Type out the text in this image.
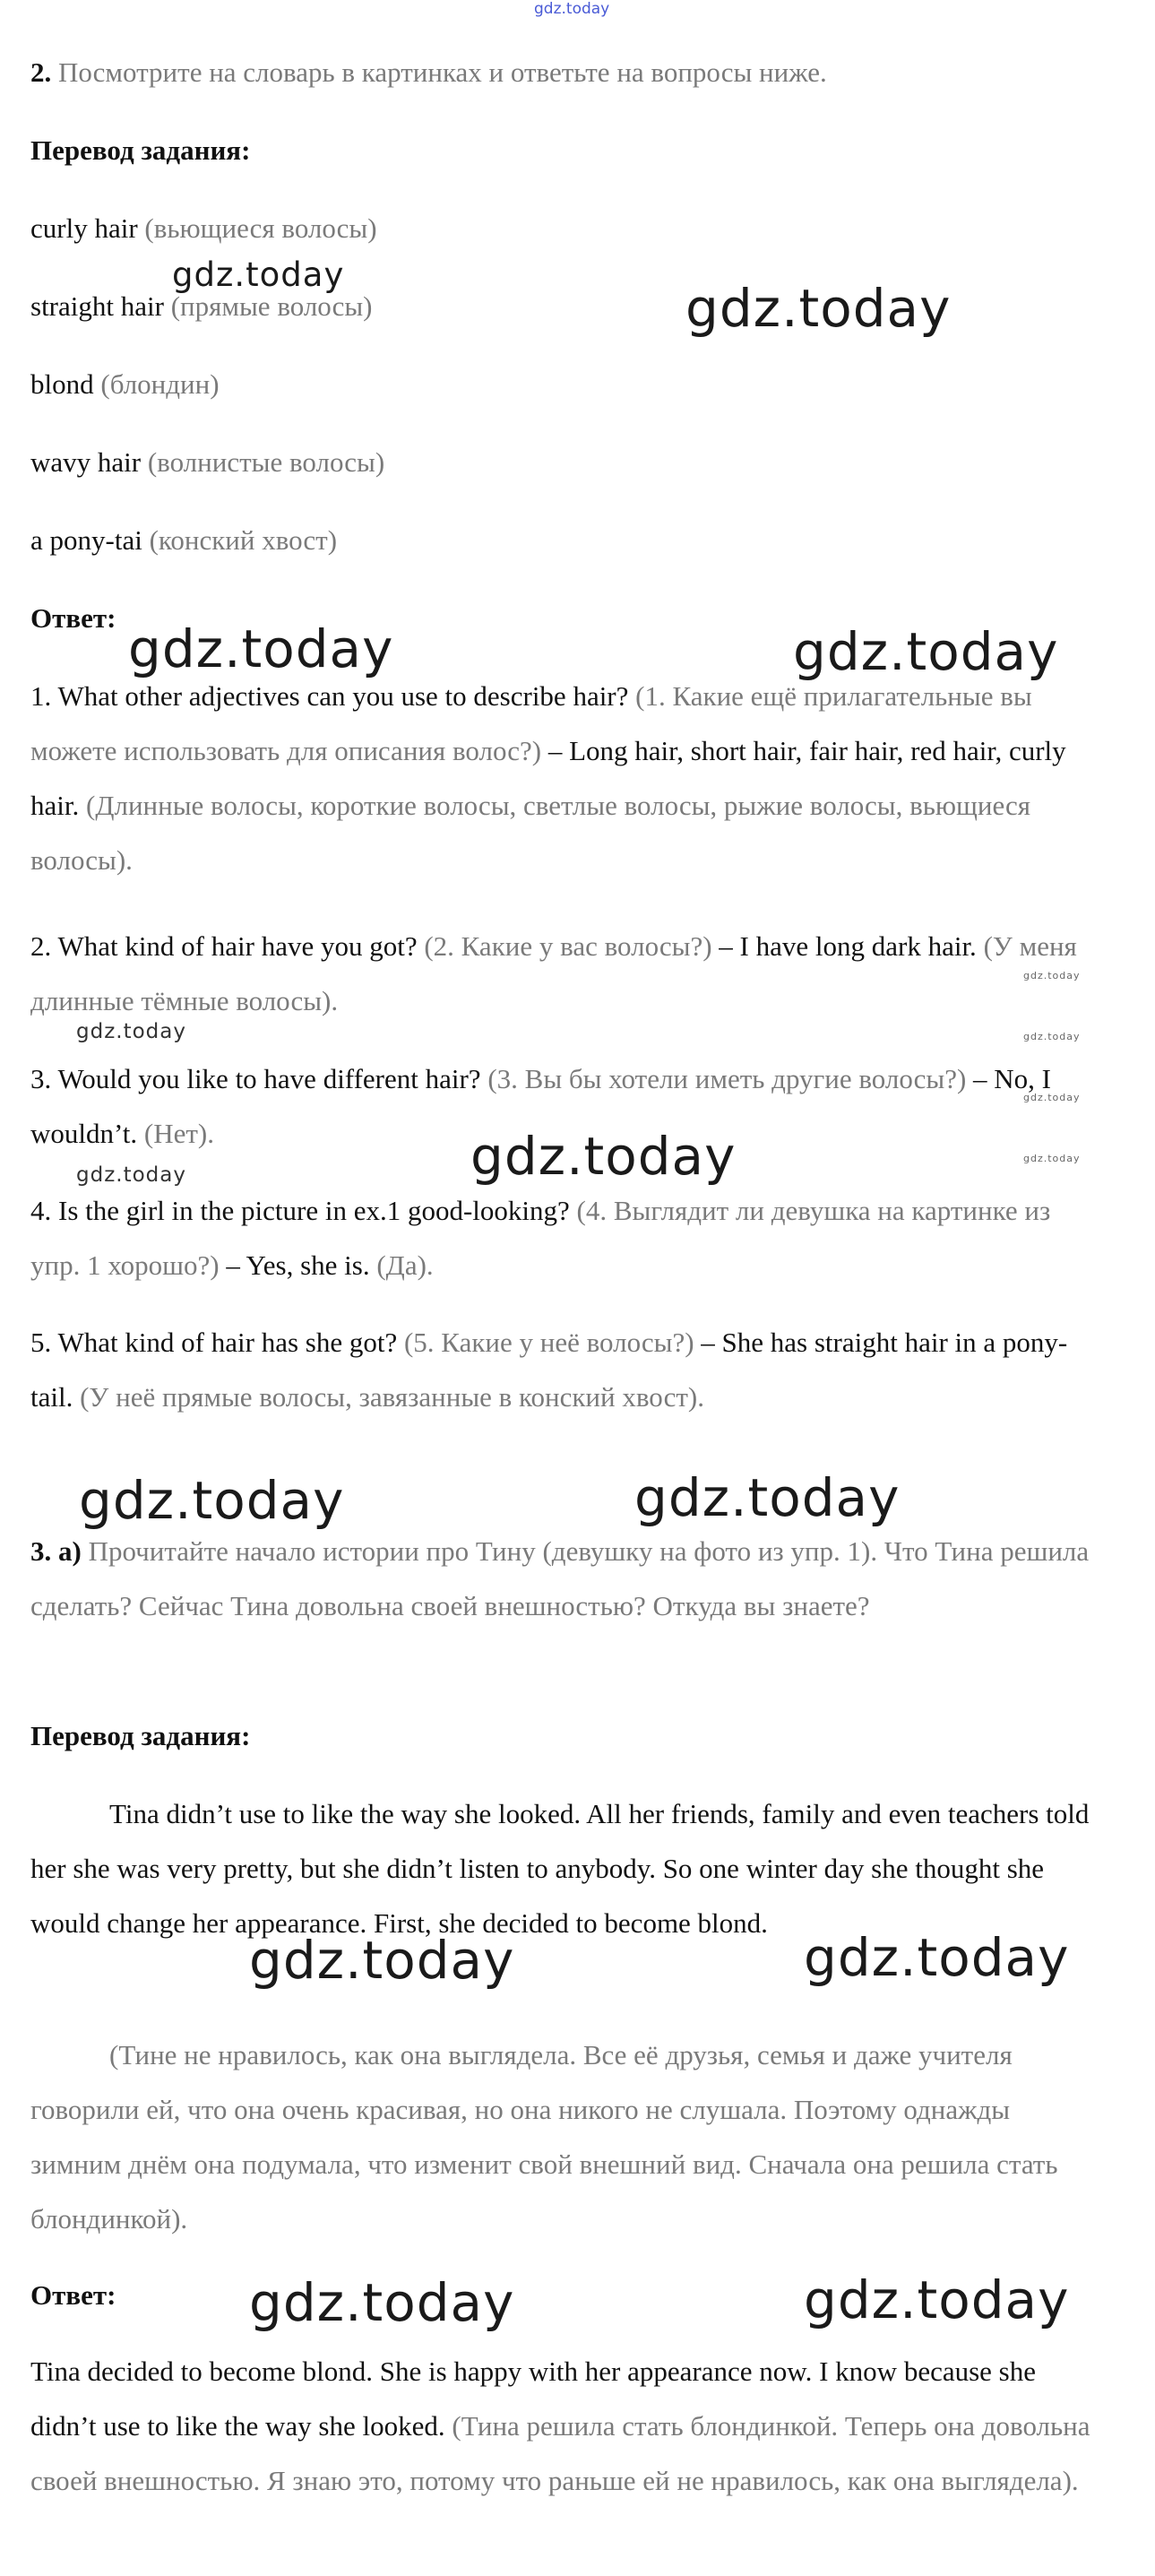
gdz.today

2. Посмотрите на словарь в картинках и ответьте на вопросы ниже.

Перевод задания:

curly hair (вьющиеся волосы)

straight hair (прямые волосы)

blond (блондин)

wavy hair (волнистые волосы)

a pony-tai (конский хвост)

Ответ:

1. What other adjectives can you use to describe hair? (1. Какие ещё прилагательные вы можете использовать для описания волос?) – Long hair, short hair, fair hair, red hair, curly hair. (Длинные волосы, короткие волосы, светлые волосы, рыжие волосы, вьющиеся волосы).

2. What kind of hair have you got? (2. Какие у вас волосы?) – I have long dark hair. (У меня длинные тёмные волосы).

3. Would you like to have different hair? (3. Вы бы хотели иметь другие волосы?) – No, I wouldn’t. (Нет).

4. Is the girl in the picture in ex.1 good-looking? (4. Выглядит ли девушка на картинке из упр. 1 хорошо?) – Yes, she is. (Да).

5. What kind of hair has she got? (5. Какие у неё волосы?) – She has straight hair in a pony-tail. (У неё прямые волосы, завязанные в конский хвост).

3. a) Прочитайте начало истории про Тину (девушку на фото из упр. 1). Что Тина решила сделать? Сейчас Тина довольна своей внешностью? Откуда вы знаете?

Перевод задания:

Tina didn’t use to like the way she looked. All her friends, family and even teachers told her she was very pretty, but she didn’t listen to anybody. So one winter day she thought she would change her appearance. First, she decided to become blond.

(Тине не нравилось, как она выглядела. Все её друзья, семья и даже учителя говорили ей, что она очень красивая, но она никого не слушала. Поэтому однажды зимним днём она подумала, что изменит свой внешний вид. Сначала она решила стать блондинкой).

Ответ:

Tina decided to become blond. She is happy with her appearance now. I know because she didn’t use to like the way she looked. (Тина решила стать блондинкой. Теперь она довольна своей внешностью. Я знаю это, потому что раньше ей не нравилось, как она выглядела).

gdz.today
gdz.today
gdz.today	gdz.today
gdz.today
gdz.today	gdz.today
gdz.today
gdz.today
gdz.today
gdz.today
gdz.today	gdz.today
gdz.today	gdz.today
gdz.today	gdz.today
